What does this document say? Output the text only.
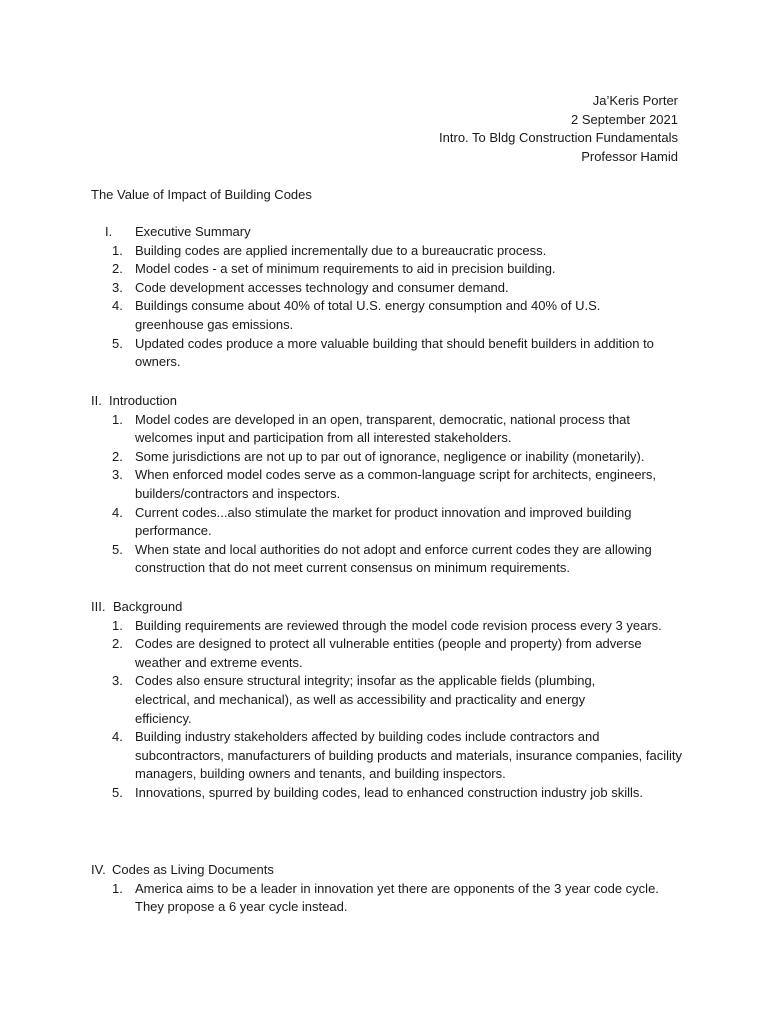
Ja’Keris Porter
2 September 2021
Intro. To Bldg Construction Fundamentals
Professor Hamid
The Value of Impact of Building Codes
I. Executive Summary
1. Building codes are applied incrementally due to a bureaucratic process.
2. Model codes - a set of minimum requirements to aid in precision building.
3. Code development accesses technology and consumer demand.
4. Buildings consume about 40% of total U.S. energy consumption and 40% of U.S. greenhouse gas emissions.
5. Updated codes produce a more valuable building that should benefit builders in addition to owners.
II. Introduction
1. Model codes are developed in an open, transparent, democratic, national process that welcomes input and participation from all interested stakeholders.
2. Some jurisdictions are not up to par out of ignorance, negligence or inability (monetarily).
3. When enforced model codes serve as a common-language script for architects, engineers, builders/contractors and inspectors.
4. Current codes...also stimulate the market for product innovation and improved building performance.
5. When state and local authorities do not adopt and enforce current codes they are allowing construction that do not meet current consensus on minimum requirements.
III. Background
1. Building requirements are reviewed through the model code revision process every 3 years.
2. Codes are designed to protect all vulnerable entities (people and property) from adverse weather and extreme events.
3. Codes also ensure structural integrity; insofar as the applicable fields (plumbing, electrical, and mechanical), as well as accessibility and practicality and energy efficiency.
4. Building industry stakeholders affected by building codes include contractors and subcontractors, manufacturers of building products and materials, insurance companies, facility managers, building owners and tenants, and building inspectors.
5. Innovations, spurred by building codes, lead to enhanced construction industry job skills.
IV. Codes as Living Documents
1. America aims to be a leader in innovation yet there are opponents of the 3 year code cycle. They propose a 6 year cycle instead.
